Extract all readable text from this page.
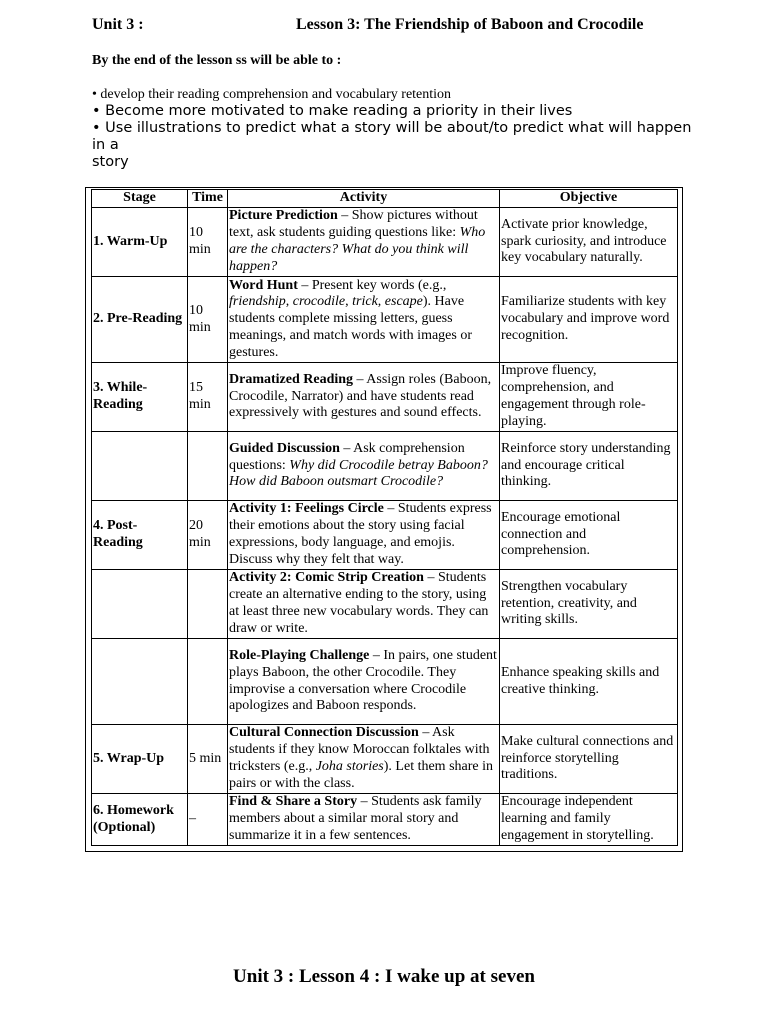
Unit 3 :	Lesson 3: The Friendship of Baboon and Crocodile
By the end of the lesson ss will be able to :
• develop their reading comprehension and vocabulary retention
• Become more motivated to make reading a priority in their lives
• Use illustrations to predict what a story will be about/to predict what will happen in a
story
Stage	Time	Activity	Objective
1. Warm-Up	10 min	Picture Prediction – Show pictures without text, ask students guiding questions like: Who are the characters? What do you think will happen?	Activate prior knowledge, spark curiosity, and introduce key vocabulary naturally.
2. Pre-Reading	10 min	Word Hunt – Present key words (e.g., friendship, crocodile, trick, escape). Have students complete missing letters, guess meanings, and match words with images or gestures.	Familiarize students with key vocabulary and improve word recognition.
3. While-Reading	15 min	Dramatized Reading – Assign roles (Baboon, Crocodile, Narrator) and have students read expressively with gestures and sound effects.	Improve fluency, comprehension, and engagement through role-playing.
		Guided Discussion – Ask comprehension questions: Why did Crocodile betray Baboon? How did Baboon outsmart Crocodile?	Reinforce story understanding and encourage critical thinking.
4. Post-Reading	20 min	Activity 1: Feelings Circle – Students express their emotions about the story using facial expressions, body language, and emojis. Discuss why they felt that way.	Encourage emotional connection and comprehension.
		Activity 2: Comic Strip Creation – Students create an alternative ending to the story, using at least three new vocabulary words. They can draw or write.	Strengthen vocabulary retention, creativity, and writing skills.
		Role-Playing Challenge – In pairs, one student plays Baboon, the other Crocodile. They improvise a conversation where Crocodile apologizes and Baboon responds.	Enhance speaking skills and creative thinking.
5. Wrap-Up	5 min	Cultural Connection Discussion – Ask students if they know Moroccan folktales with tricksters (e.g., Joha stories). Let them share in pairs or with the class.	Make cultural connections and reinforce storytelling traditions.
6. Homework (Optional)	–	Find & Share a Story – Students ask family members about a similar moral story and summarize it in a few sentences.	Encourage independent learning and family engagement in storytelling.
Unit 3 : Lesson 4 : I wake up at seven
